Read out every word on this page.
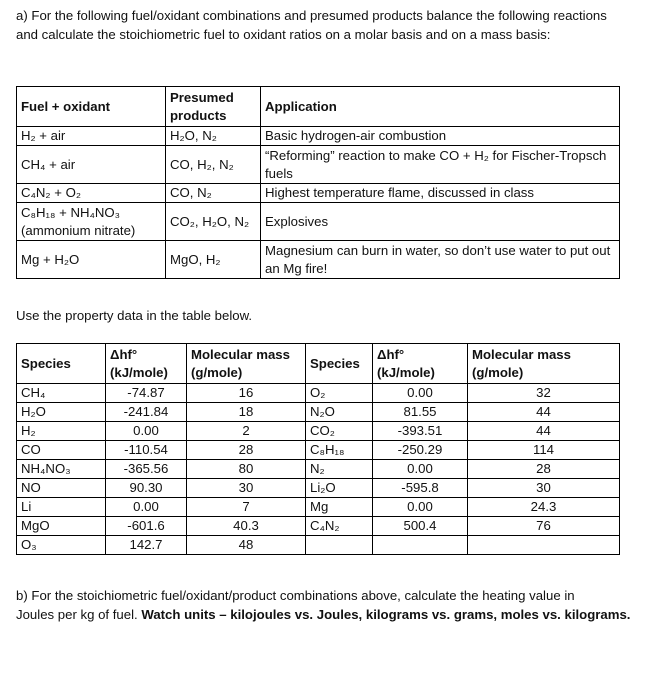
a) For the following fuel/oxidant combinations and presumed products balance the following reactions and calculate the stoichiometric fuel to oxidant ratios on a molar basis and on a mass basis:

Fuel + oxidant	Presumed products	Application
H₂ + air	H₂O, N₂	Basic hydrogen-air combustion
CH₄ + air	CO, H₂, N₂	“Reforming” reaction to make CO + H₂ for Fischer-Tropsch fuels
C₄N₂ + O₂	CO, N₂	Highest temperature flame, discussed in class
C₈H₁₈ + NH₄NO₃ (ammonium nitrate)	CO₂, H₂O, N₂	Explosives
Mg + H₂O	MgO, H₂	Magnesium can burn in water, so don’t use water to put out an Mg fire!

Use the property data in the table below.

Species	Δhf° (kJ/mole)	Molecular mass (g/mole)	Species	Δhf° (kJ/mole)	Molecular mass (g/mole)
CH₄	-74.87	16	O₂	0.00	32
H₂O	-241.84	18	N₂O	81.55	44
H₂	0.00	2	CO₂	-393.51	44
CO	-110.54	28	C₈H₁₈	-250.29	114
NH₄NO₃	-365.56	80	N₂	0.00	28
NO	90.30	30	Li₂O	-595.8	30
Li	0.00	7	Mg	0.00	24.3
MgO	-601.6	40.3	C₄N₂	500.4	76
O₃	142.7	48			

b) For the stoichiometric fuel/oxidant/product combinations above, calculate the heating value in
Joules per kg of fuel. Watch units – kilojoules vs. Joules, kilograms vs. grams, moles vs. kilograms.
